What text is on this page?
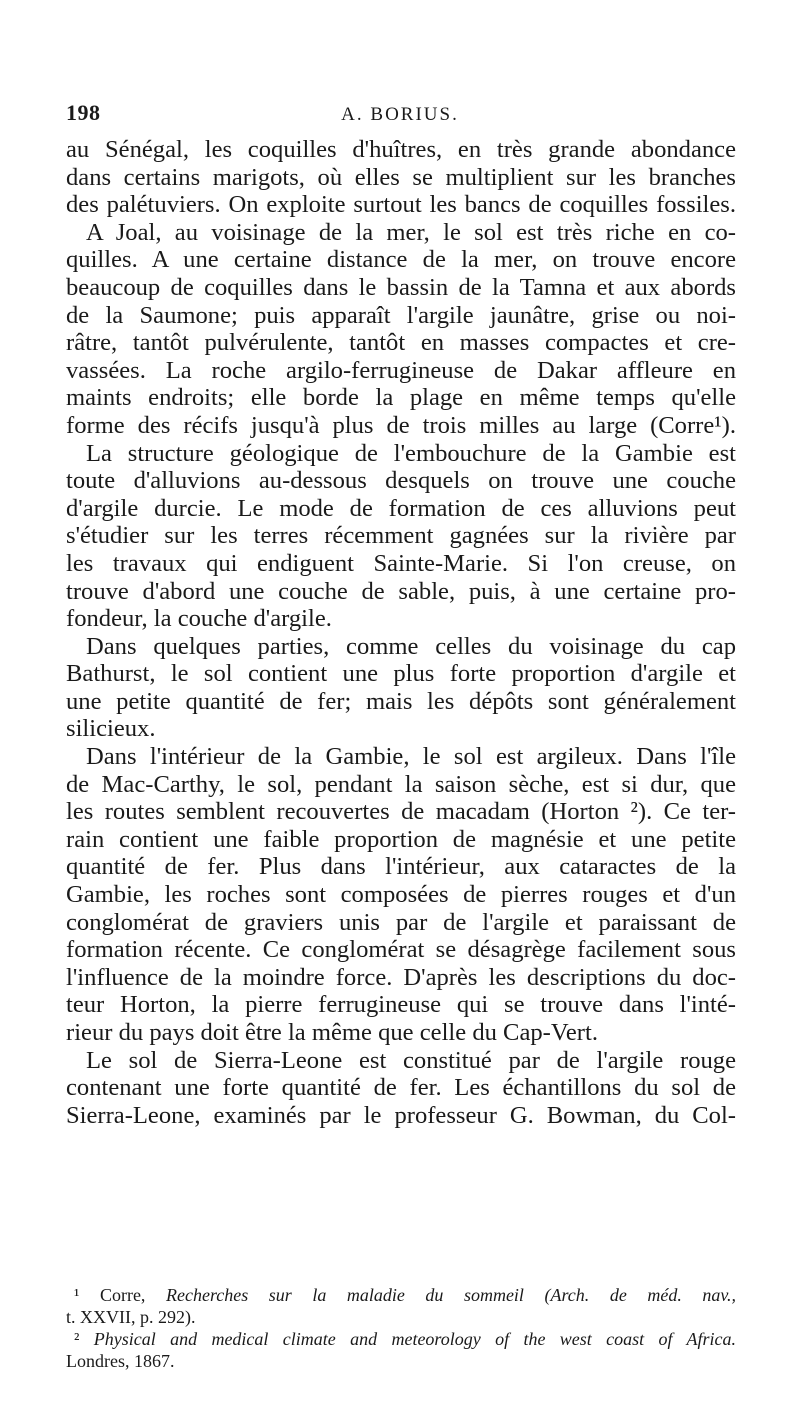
198	A. BORIUS.
au Sénégal, les coquilles d'huîtres, en très grande abondance
dans certains marigots, où elles se multiplient sur les branches
des palétuviers. On exploite surtout les bancs de coquilles fossiles.
A Joal, au voisinage de la mer, le sol est très riche en co-
quilles. A une certaine distance de la mer, on trouve encore
beaucoup de coquilles dans le bassin de la Tamna et aux abords
de la Saumone; puis apparaît l'argile jaunâtre, grise ou noi-
râtre, tantôt pulvérulente, tantôt en masses compactes et cre-
vassées. La roche argilo-ferrugineuse de Dakar affleure en
maints endroits; elle borde la plage en même temps qu'elle
forme des récifs jusqu'à plus de trois milles au large (Corre¹).
La structure géologique de l'embouchure de la Gambie est
toute d'alluvions au-dessous desquels on trouve une couche
d'argile durcie. Le mode de formation de ces alluvions peut
s'étudier sur les terres récemment gagnées sur la rivière par
les travaux qui endiguent Sainte-Marie. Si l'on creuse, on
trouve d'abord une couche de sable, puis, à une certaine pro-
fondeur, la couche d'argile.
Dans quelques parties, comme celles du voisinage du cap
Bathurst, le sol contient une plus forte proportion d'argile et
une petite quantité de fer; mais les dépôts sont généralement
silicieux.
Dans l'intérieur de la Gambie, le sol est argileux. Dans l'île
de Mac-Carthy, le sol, pendant la saison sèche, est si dur, que
les routes semblent recouvertes de macadam (Horton ²). Ce ter-
rain contient une faible proportion de magnésie et une petite
quantité de fer. Plus dans l'intérieur, aux cataractes de la
Gambie, les roches sont composées de pierres rouges et d'un
conglomérat de graviers unis par de l'argile et paraissant de
formation récente. Ce conglomérat se désagrège facilement sous
l'influence de la moindre force. D'après les descriptions du doc-
teur Horton, la pierre ferrugineuse qui se trouve dans l'inté-
rieur du pays doit être la même que celle du Cap-Vert.
Le sol de Sierra-Leone est constitué par de l'argile rouge
contenant une forte quantité de fer. Les échantillons du sol de
Sierra-Leone, examinés par le professeur G. Bowman, du Col-
¹ Corre, Recherches sur la maladie du sommeil (Arch. de méd. nav.,
t. XXVII, p. 292).
² Physical and medical climate and meteorology of the west coast of Africa.
Londres, 1867.
